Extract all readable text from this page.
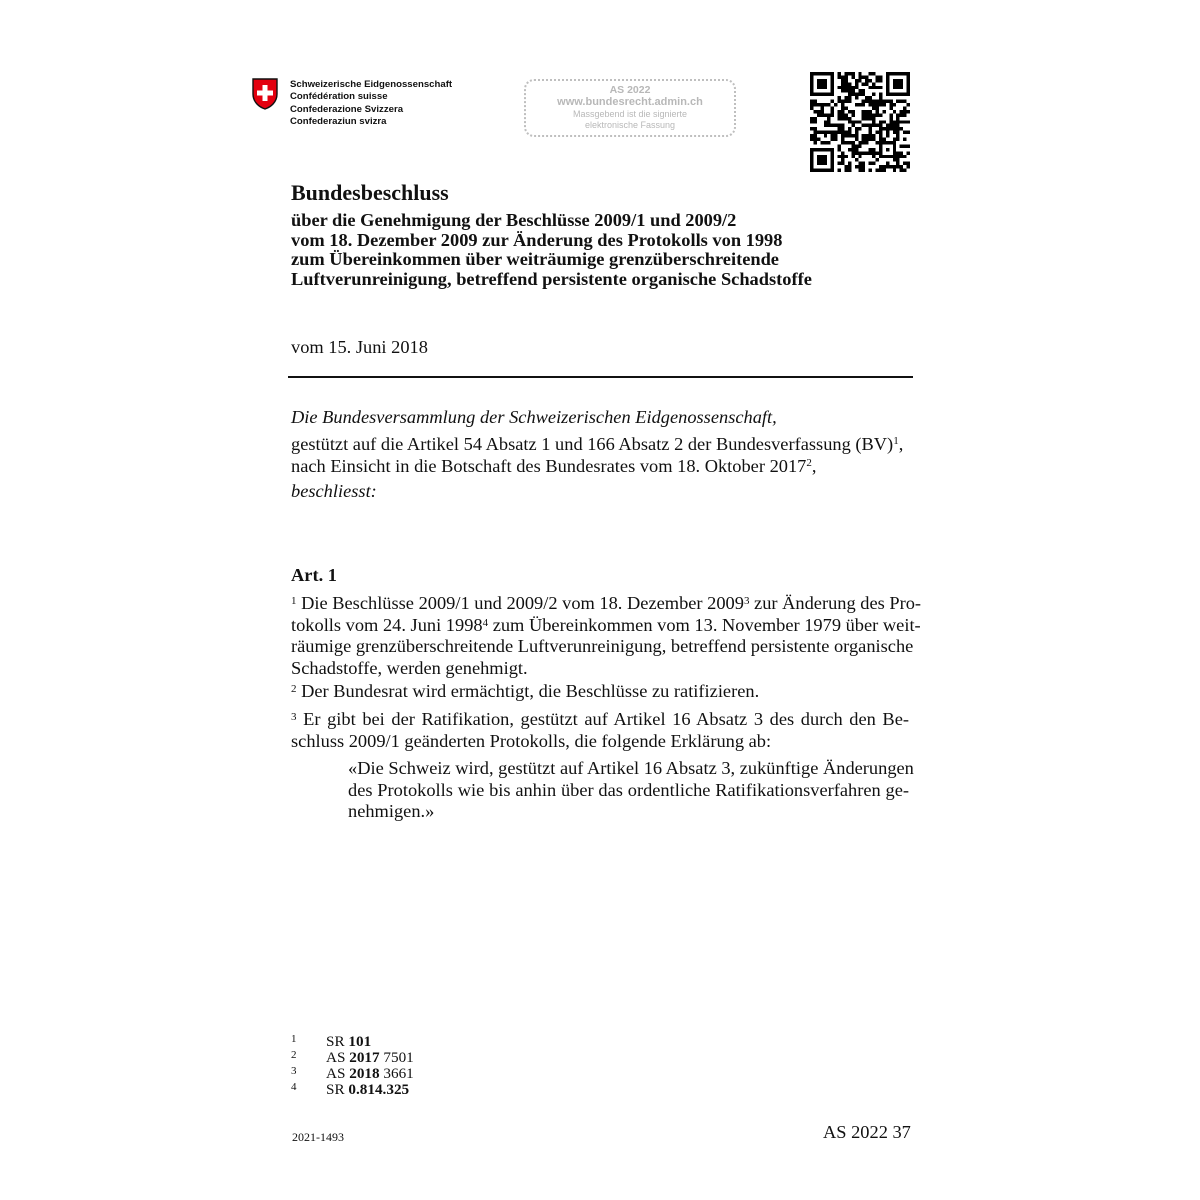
Schweizerische Eidgenossenschaft
Confédération suisse
Confederazione Svizzera
Confederaziun svizra
AS 2022
www.bundesrecht.admin.ch
Massgebend ist die signierte
elektronische Fassung
Bundesbeschluss
über die Genehmigung der Beschlüsse 2009/1 und 2009/2
vom 18. Dezember 2009 zur Änderung des Protokolls von 1998
zum Übereinkommen über weiträumige grenzüberschreitende
Luftverunreinigung, betreffend persistente organische Schadstoffe
vom 15. Juni 2018
Die Bundesversammlung der Schweizerischen Eidgenossenschaft,
gestützt auf die Artikel 54 Absatz 1 und 166 Absatz 2 der Bundesverfassung (BV)$^1$,
nach Einsicht in die Botschaft des Bundesrates vom 18. Oktober 2017$^2$,
beschliesst:
Art. 1
$^1$ Die Beschlüsse 2009/1 und 2009/2 vom 18. Dezember 2009$^3$ zur Änderung des Pro-
tokolls vom 24. Juni 1998$^4$ zum Übereinkommen vom 13. November 1979 über weit-
räumige grenzüberschreitende Luftverunreinigung, betreffend persistente organische
Schadstoffe, werden genehmigt.
$^2$ Der Bundesrat wird ermächtigt, die Beschlüsse zu ratifizieren.
$^3$ Er gibt bei der Ratifikation, gestützt auf Artikel 16 Absatz 3 des durch den Be-
schluss 2009/1 geänderten Protokolls, die folgende Erklärung ab:
«Die Schweiz wird, gestützt auf Artikel 16 Absatz 3, zukünftige Änderungen
des Protokolls wie bis anhin über das ordentliche Ratifikationsverfahren ge-
nehmigen.»
1 SR 101
2 AS 2017 7501
3 AS 2018 3661
4 SR 0.814.325
2021-1493	AS 2022 37
